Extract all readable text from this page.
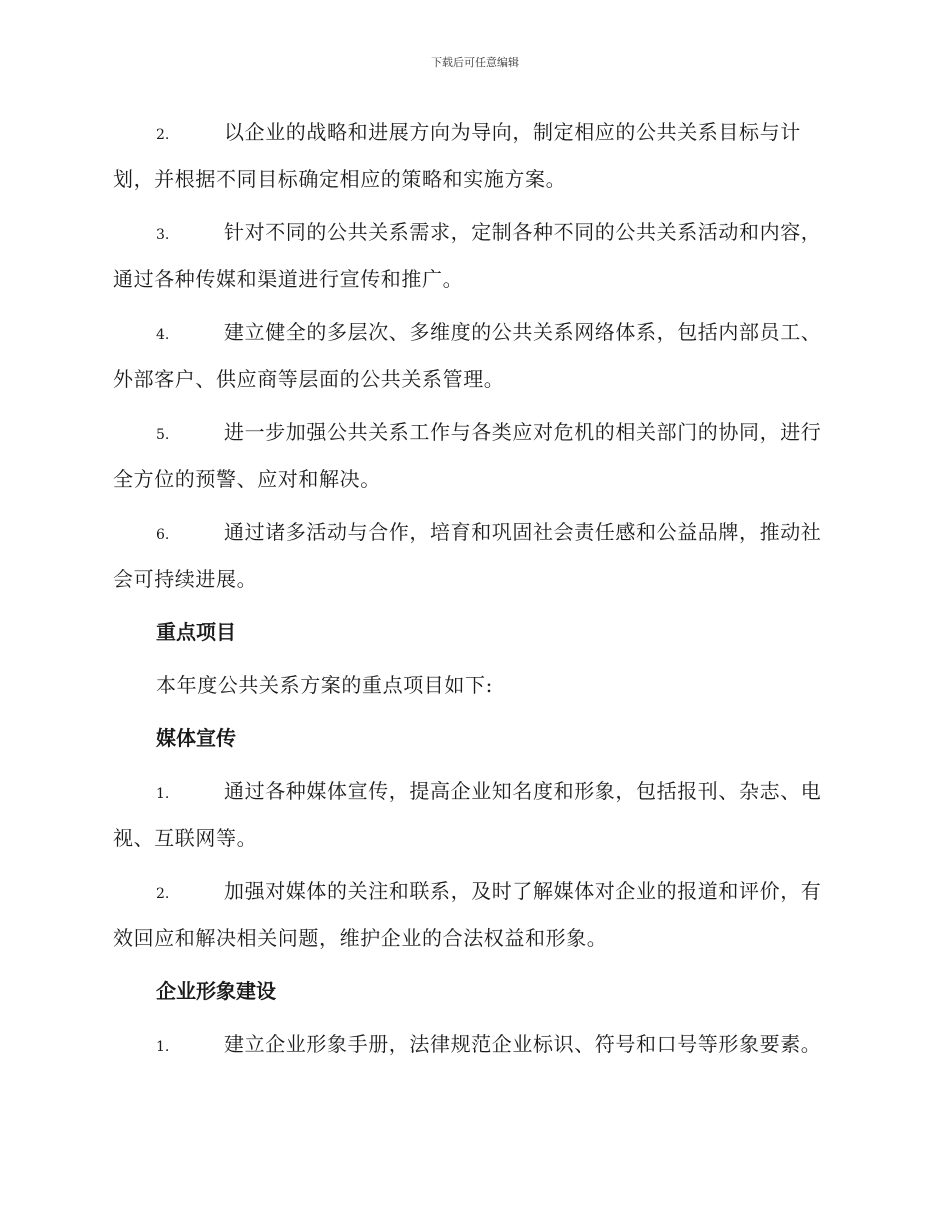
下载后可任意编辑

2.	以企业的战略和进展方向为导向，制定相应的公共关系目标与计划，并根据不同目标确定相应的策略和实施方案。

3.	针对不同的公共关系需求，定制各种不同的公共关系活动和内容，通过各种传媒和渠道进行宣传和推广。

4.	建立健全的多层次、多维度的公共关系网络体系，包括内部员工、外部客户、供应商等层面的公共关系管理。

5.	进一步加强公共关系工作与各类应对危机的相关部门的协同，进行全方位的预警、应对和解决。

6.	通过诸多活动与合作，培育和巩固社会责任感和公益品牌，推动社会可持续进展。

重点项目

本年度公共关系方案的重点项目如下:

媒体宣传

1.	通过各种媒体宣传，提高企业知名度和形象，包括报刊、杂志、电视、互联网等。

2.	加强对媒体的关注和联系，及时了解媒体对企业的报道和评价，有效回应和解决相关问题，维护企业的合法权益和形象。

企业形象建设

1.	建立企业形象手册，法律规范企业标识、符号和口号等形象要素。
